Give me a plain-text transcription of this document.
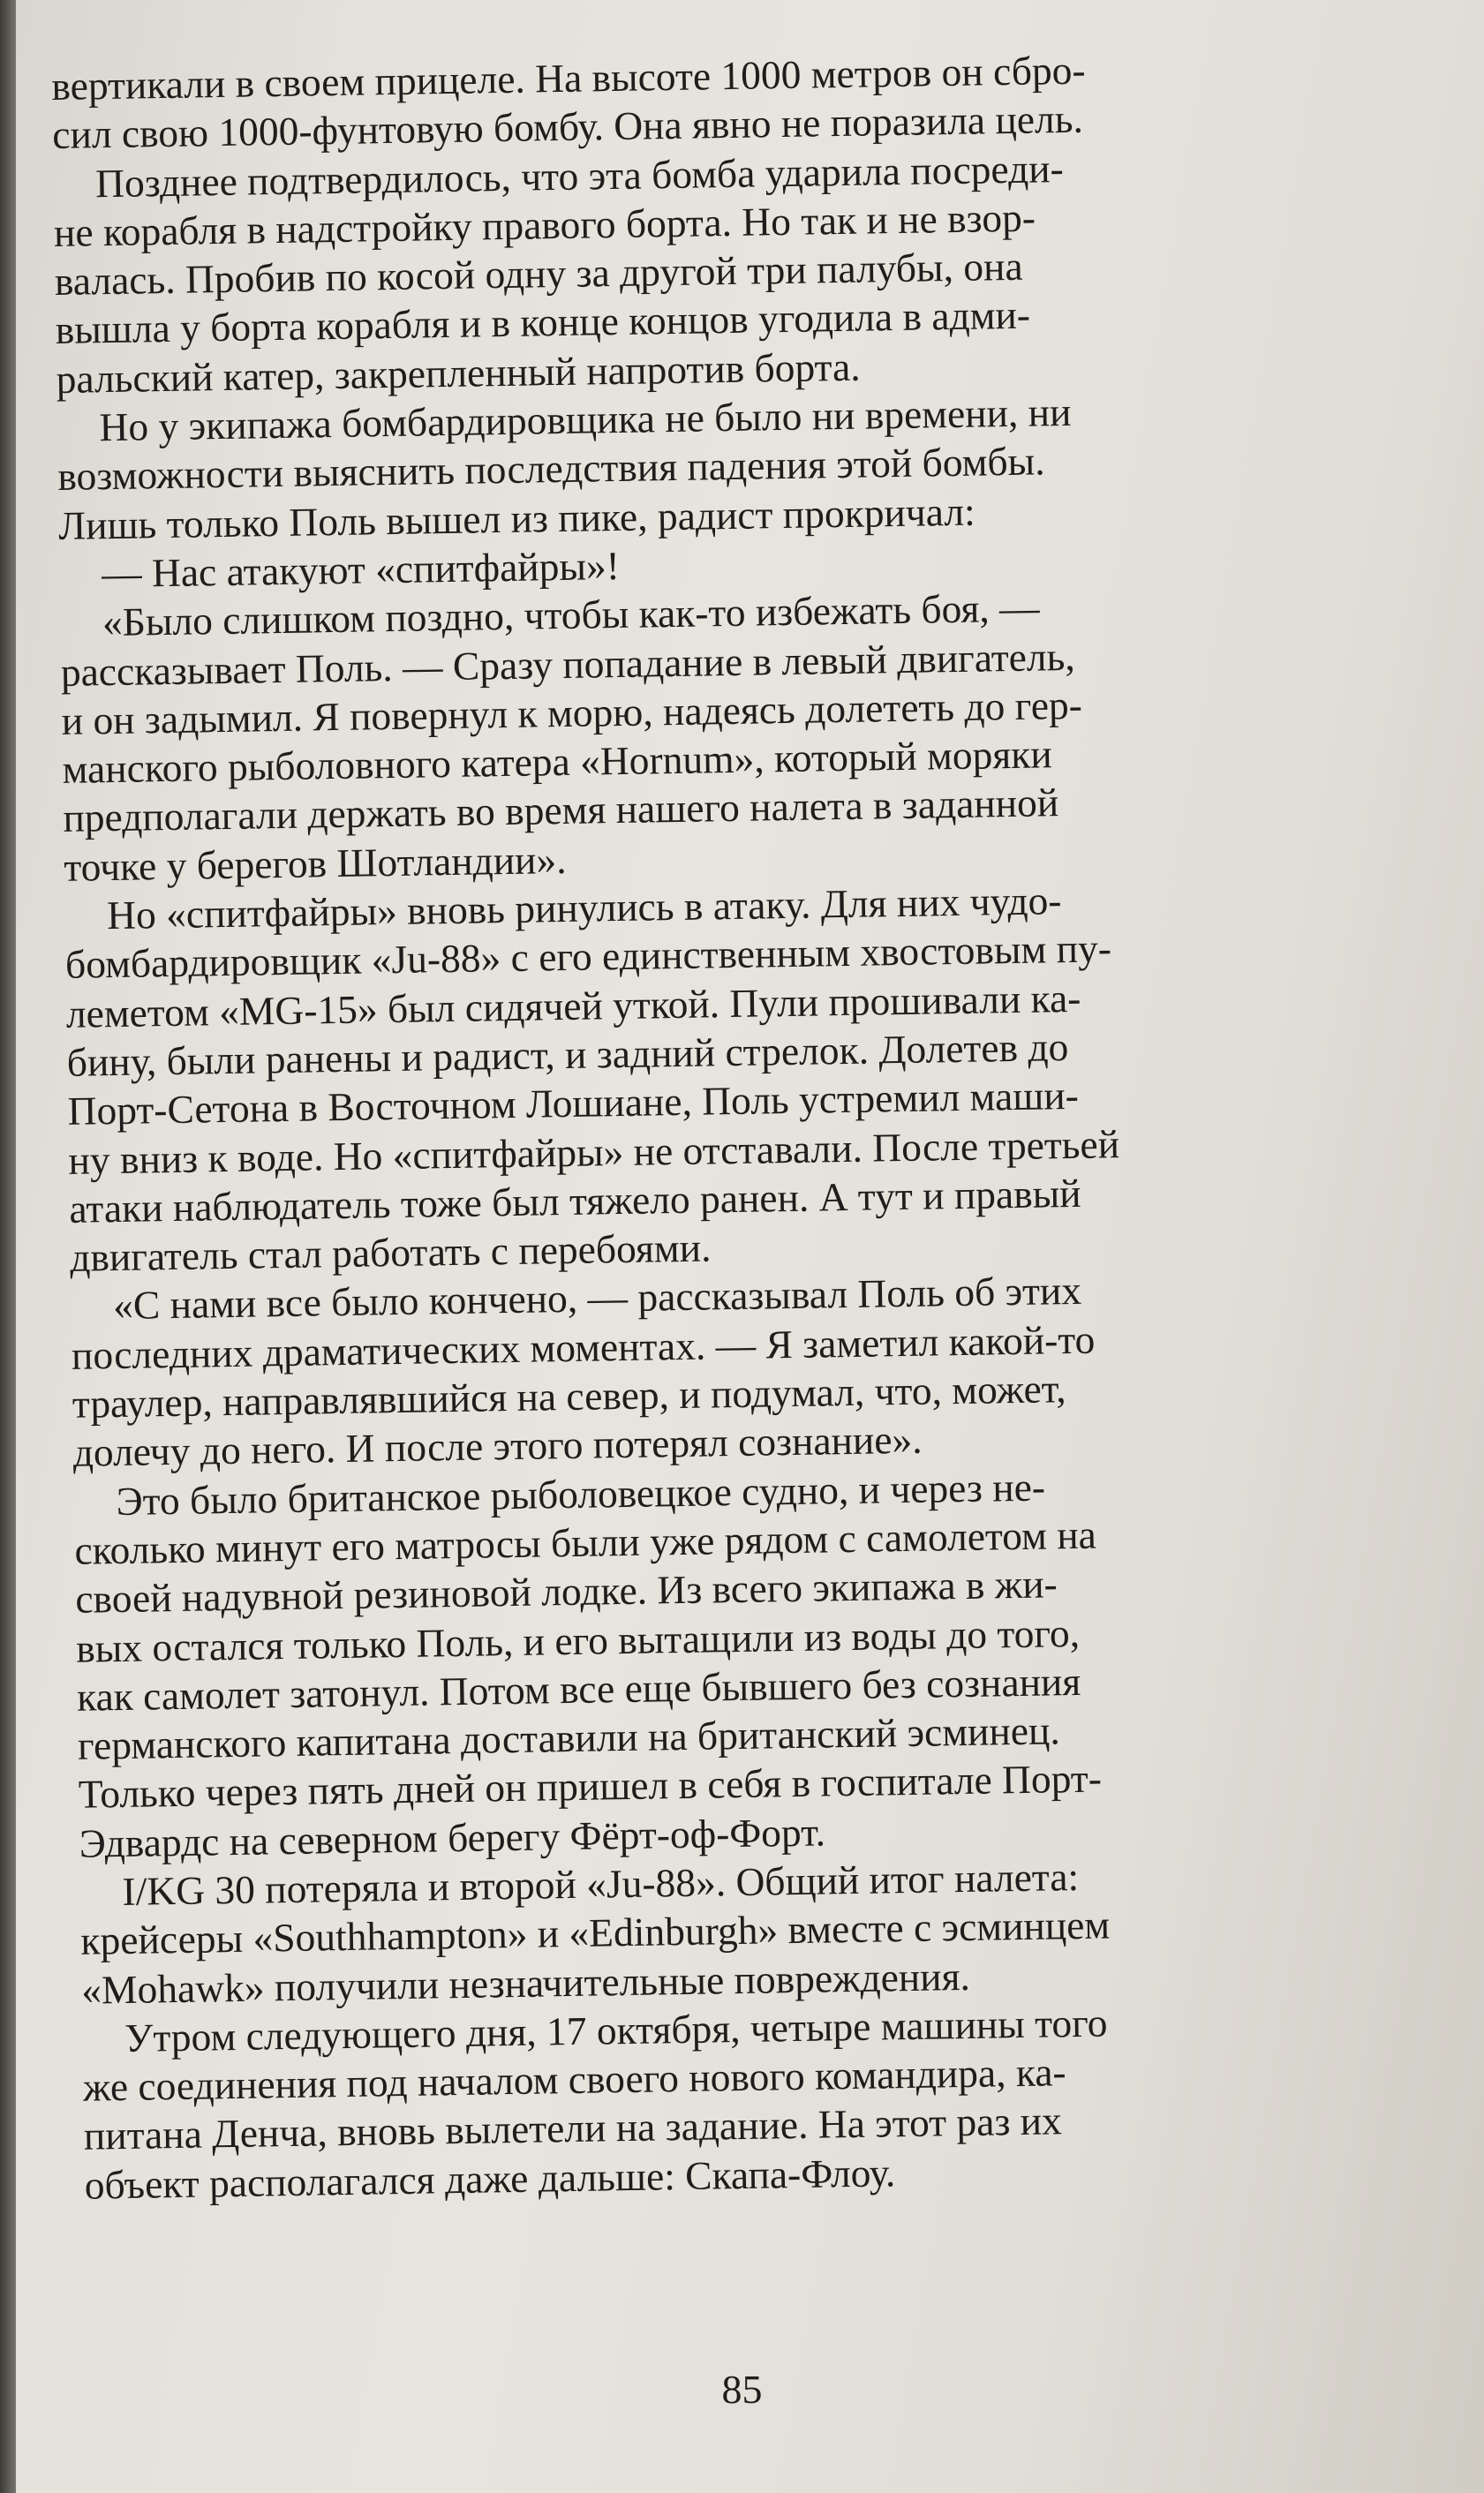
вертикали в своем прицеле. На высоте 1000 метров он сбро-
сил свою 1000-фунтовую бомбу. Она явно не поразила цель.
Позднее подтвердилось, что эта бомба ударила посреди-
не корабля в надстройку правого борта. Но так и не взор-
валась. Пробив по косой одну за другой три палубы, она
вышла у борта корабля и в конце концов угодила в адми-
ральский катер, закрепленный напротив борта.
Но у экипажа бомбардировщика не было ни времени, ни
возможности выяснить последствия падения этой бомбы.
Лишь только Поль вышел из пике, радист прокричал:
— Нас атакуют «спитфайры»!
«Было слишком поздно, чтобы как-то избежать боя, —
рассказывает Поль. — Сразу попадание в левый двигатель,
и он задымил. Я повернул к морю, надеясь долететь до гер-
манского рыболовного катера «Hornum», который моряки
предполагали держать во время нашего налета в заданной
точке у берегов Шотландии».
Но «спитфайры» вновь ринулись в атаку. Для них чудо-
бомбардировщик «Ju-88» с его единственным хвостовым пу-
леметом «MG-15» был сидячей уткой. Пули прошивали ка-
бину, были ранены и радист, и задний стрелок. Долетев до
Порт-Сетона в Восточном Лошиане, Поль устремил маши-
ну вниз к воде. Но «спитфайры» не отставали. После третьей
атаки наблюдатель тоже был тяжело ранен. А тут и правый
двигатель стал работать с перебоями.
«С нами все было кончено, — рассказывал Поль об этих
последних драматических моментах. — Я заметил какой-то
траулер, направлявшийся на север, и подумал, что, может,
долечу до него. И после этого потерял сознание».
Это было британское рыболовецкое судно, и через не-
сколько минут его матросы были уже рядом с самолетом на
своей надувной резиновой лодке. Из всего экипажа в жи-
вых остался только Поль, и его вытащили из воды до того,
как самолет затонул. Потом все еще бывшего без сознания
германского капитана доставили на британский эсминец.
Только через пять дней он пришел в себя в госпитале Порт-
Эдвардс на северном берегу Фёрт-оф-Форт.
I/KG 30 потеряла и второй «Ju-88». Общий итог налета:
крейсеры «Southhampton» и «Edinburgh» вместе с эсминцем
«Mohawk» получили незначительные повреждения.
Утром следующего дня, 17 октября, четыре машины того
же соединения под началом своего нового командира, ка-
питана Денча, вновь вылетели на задание. На этот раз их
объект располагался даже дальше: Скапа-Флоу.
85
